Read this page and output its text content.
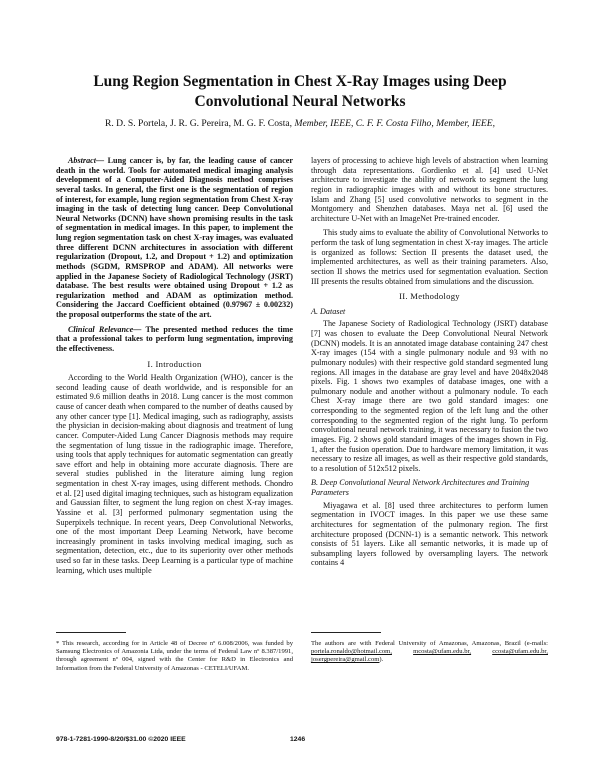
Lung Region Segmentation in Chest X-Ray Images using Deep Convolutional Neural Networks
R. D. S. Portela, J. R. G. Pereira, M. G. F. Costa, Member, IEEE, C. F. F. Costa Filho, Member, IEEE,

Abstract— Lung cancer is, by far, the leading cause of cancer death in the world. Tools for automated medical imaging analysis development of a Computer-Aided Diagnosis method comprises several tasks. In general, the first one is the segmentation of region of interest, for example, lung region segmentation from Chest X-ray imaging in the task of detecting lung cancer. Deep Convolutional Neural Networks (DCNN) have shown promising results in the task of segmentation in medical images. In this paper, to implement the lung region segmentation task on chest X-ray images, was evaluated three different DCNN architectures in association with different regularization (Dropout, 1.2, and Dropout + 1.2) and optimization methods (SGDM, RMSPROP and ADAM). All networks were applied in the Japanese Society of Radiological Technology (JSRT) database. The best results were obtained using Dropout + 1.2 as regularization method and ADAM as optimization method. Considering the Jaccard Coefficient obtained (0.97967 ± 0.00232) the proposal outperforms the state of the art.

Clinical Relevance— The presented method reduces the time that a professional takes to perform lung segmentation, improving the effectiveness.

I. Introduction

According to the World Health Organization (WHO), cancer is the second leading cause of death worldwide, and is responsible for an estimated 9.6 million deaths in 2018. Lung cancer is the most common cause of cancer death when compared to the number of deaths caused by any other cancer type [1]. Medical imaging, such as radiography, assists the physician in decision-making about diagnosis and treatment of lung cancer. Computer-Aided Lung Cancer Diagnosis methods may require the segmentation of lung tissue in the radiographic image. Therefore, using tools that apply techniques for automatic segmentation can greatly save effort and help in obtaining more accurate diagnosis. There are several studies published in the literature aiming lung region segmentation in chest X-ray images, using different methods. Chondro et al. [2] used digital imaging techniques, such as histogram equalization and Gaussian filter, to segment the lung region on chest X-ray images. Yassine et al. [3] performed pulmonary segmentation using the Superpixels technique. In recent years, Deep Convolutional Networks, one of the most important Deep Learning Network, have become increasingly prominent in tasks involving medical imaging, such as segmentation, detection, etc., due to its superiority over other methods used so far in these tasks. Deep Learning is a particular type of machine learning, which uses multiple

layers of processing to achieve high levels of abstraction when learning through data representations. Gordienko et al. [4] used U-Net architecture to investigate the ability of network to segment the lung region in radiographic images with and without its bone structures. Islam and Zhang [5] used convolutive networks to segment in the Montgomery and Shenzhen databases. Maya net al. [6] used the architecture U-Net with an ImageNet Pre-trained encoder.

This study aims to evaluate the ability of Convolutional Networks to perform the task of lung segmentation in chest X-ray images. The article is organized as follows: Section II presents the dataset used, the implemented architectures, as well as their training parameters. Also, section II shows the metrics used for segmentation evaluation. Section III presents the results obtained from simulations and the discussion.

II. Methodology

A. Dataset

The Japanese Society of Radiological Technology (JSRT) database [7] was chosen to evaluate the Deep Convolutional Neural Network (DCNN) models. It is an annotated image database containing 247 chest X-ray images (154 with a single pulmonary nodule and 93 with no pulmonary nodules) with their respective gold standard segmented lung regions. All images in the database are gray level and have 2048x2048 pixels. Fig. 1 shows two examples of database images, one with a pulmonary nodule and another without a pulmonary nodule. To each Chest X-ray image there are two gold standard images: one corresponding to the segmented region of the left lung and the other corresponding to the segmented region of the right lung. To perform convolutional neural network training, it was necessary to fusion the two images. Fig. 2 shows gold standard images of the images shown in Fig. 1, after the fusion operation. Due to hardware memory limitation, it was necessary to resize all images, as well as their respective gold standards, to a resolution of 512x512 pixels.

B. Deep Convolutional Neural Network Architectures and Training Parameters

Miyagawa et al. [8] used three architectures to perform lumen segmentation in IVOCT images. In this paper we use these same architectures for segmentation of the pulmonary region. The first architecture proposed (DCNN-1) is a semantic network. This network consists of 51 layers. Like all semantic networks, it is made up of subsampling layers followed by oversampling layers. The network contains 4

* This research, according for in Article 48 of Decree nº 6.008/2006, was funded by Samsung Electronics of Amazonia Ltda, under the terms of Federal Law nº 8.387/1991, through agreement nº 004, signed with the Center for R&D in Electronics and Information from the Federal University of Amazonas - CETELI/UFAM.
The authors are with Federal University of Amazonas, Amazonas, Brazil (e-mails: portela.ronaldo@hotmail.com,	mcosta@ufam.edu.br,	ccosta@ufam.edu.br, josergpereira@gmail.com).
978-1-7281-1990-8/20/$31.00 ©2020 IEEE	1246
